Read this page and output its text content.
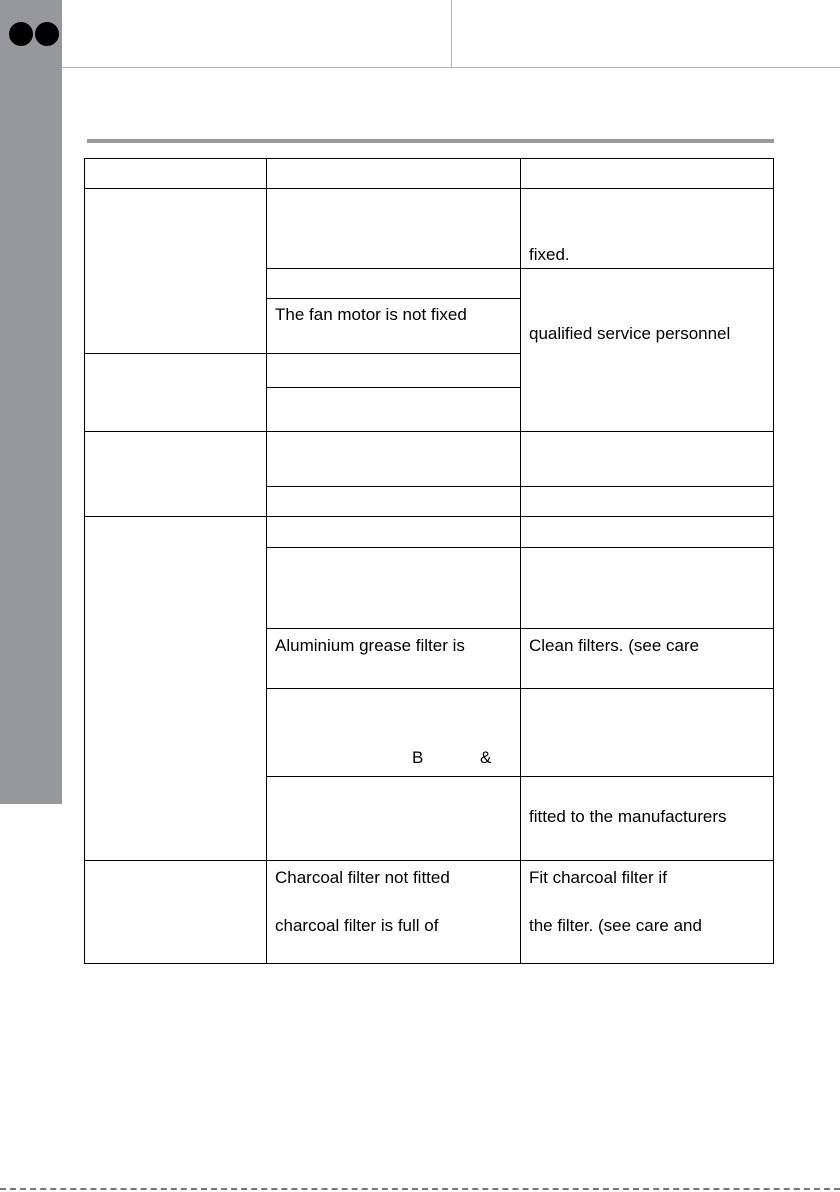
fixed.
The fan motor is not fixed
qualified service personnel
Aluminium grease filter is	Clean filters. (see care
B	&
fitted to the manufacturers
Charcoal filter not fitted
charcoal filter is full of
Fit charcoal filter if
the filter. (see care and
